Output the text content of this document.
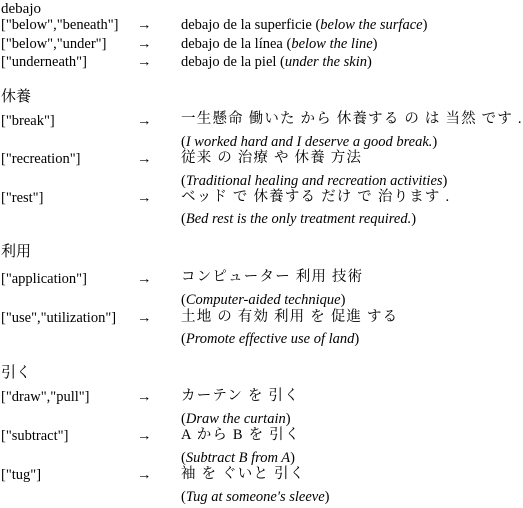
debajo
["below","beneath"] → debajo de la superficie (below the surface)
["below","under"] → debajo de la línea (below the line)
["underneath"]	→ debajo de la piel (under the skin)
休養
["break"]	→ 一生懸命 働いた から 休養する の は 当然 です .
(I worked hard and I deserve a good break.)
["recreation"]	→ 従来 の 治療 や 休養 方法
(Traditional healing and recreation activities)
["rest"]	→ ベッド で 休養する だけ で 治ります .
(Bed rest is the only treatment required.)
利用
["application"]	→ コンピューター 利用 技術
(Computer-aided technique)
["use","utilization"] → 土地 の 有効 利用 を 促進 する
(Promote effective use of land)
引く
["draw","pull"]	→ カーテン を 引く
(Draw the curtain)
["subtract"]	→ A から B を 引く
(Subtract B from A)
["tug"]	→ 袖 を ぐいと 引く
(Tug at someone's sleeve)
